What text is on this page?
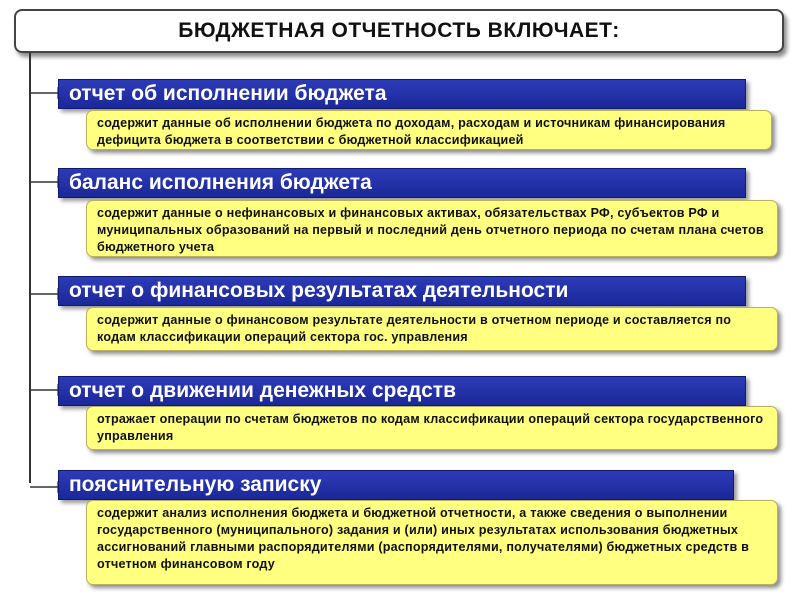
БЮДЖЕТНАЯ ОТЧЕТНОСТЬ ВКЛЮЧАЕТ:
отчет об исполнении бюджета
содержит данные об исполнении бюджета по доходам, расходам и источникам финансирования дефицита бюджета в соответствии с бюджетной классификацией
баланс исполнения бюджета
содержит данные о нефинансовых и финансовых активах, обязательствах РФ, субъектов РФ и муниципальных образований на первый и последний день отчетного периода по счетам плана счетов бюджетного учета
отчет о финансовых результатах деятельности
содержит данные о финансовом результате деятельности в отчетном периоде и составляется по кодам классификации операций сектора гос. управления
отчет о движении денежных средств
отражает операции по счетам бюджетов по кодам классификации операций сектора государственного управления
пояснительную записку
содержит анализ исполнения бюджета и бюджетной отчетности, а также сведения о выполнении государственного (муниципального) задания и (или) иных результатах использования бюджетных ассигнований главными распорядителями (распорядителями, получателями) бюджетных средств в отчетном финансовом году
